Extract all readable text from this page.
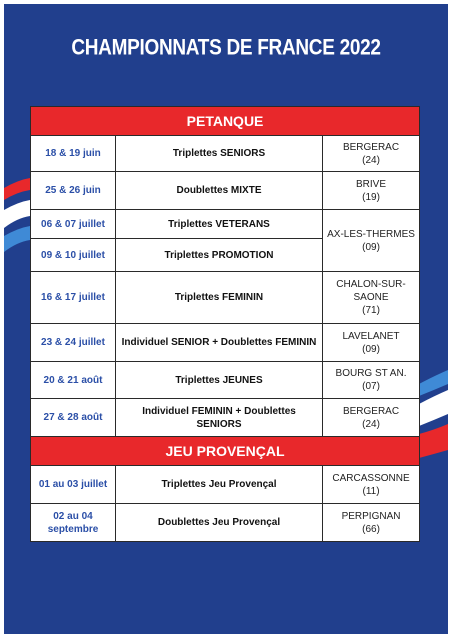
CHAMPIONNATS DE FRANCE 2022
PETANQUE		
18 & 19 juin	Triplettes SENIORS	BERGERAC
(24)

25 & 26 juin	Doublettes MIXTE	BRIVE
(19)

06 & 07 juillet	Triplettes VETERANS	AX-LES-THERMES
(09)

09 & 10 juillet	Triplettes PROMOTION	
16 & 17 juillet	Triplettes FEMININ	CHALON-SUR-SAONE
(71)

23 & 24 juillet	Individuel SENIOR + Doublettes FEMININ	LAVELANET
(09)

20 & 21 août	Triplettes JEUNES	BOURG ST AN.
(07)

27 & 28 août	Individuel FEMININ + Doublettes SENIORS	BERGERAC
(24)

JEU PROVENÇAL		
01 au 03 juillet	Triplettes Jeu Provençal	CARCASSONNE
(11)

02 au 04 septembre	Doublettes Jeu Provençal	PERPIGNAN
(66)
